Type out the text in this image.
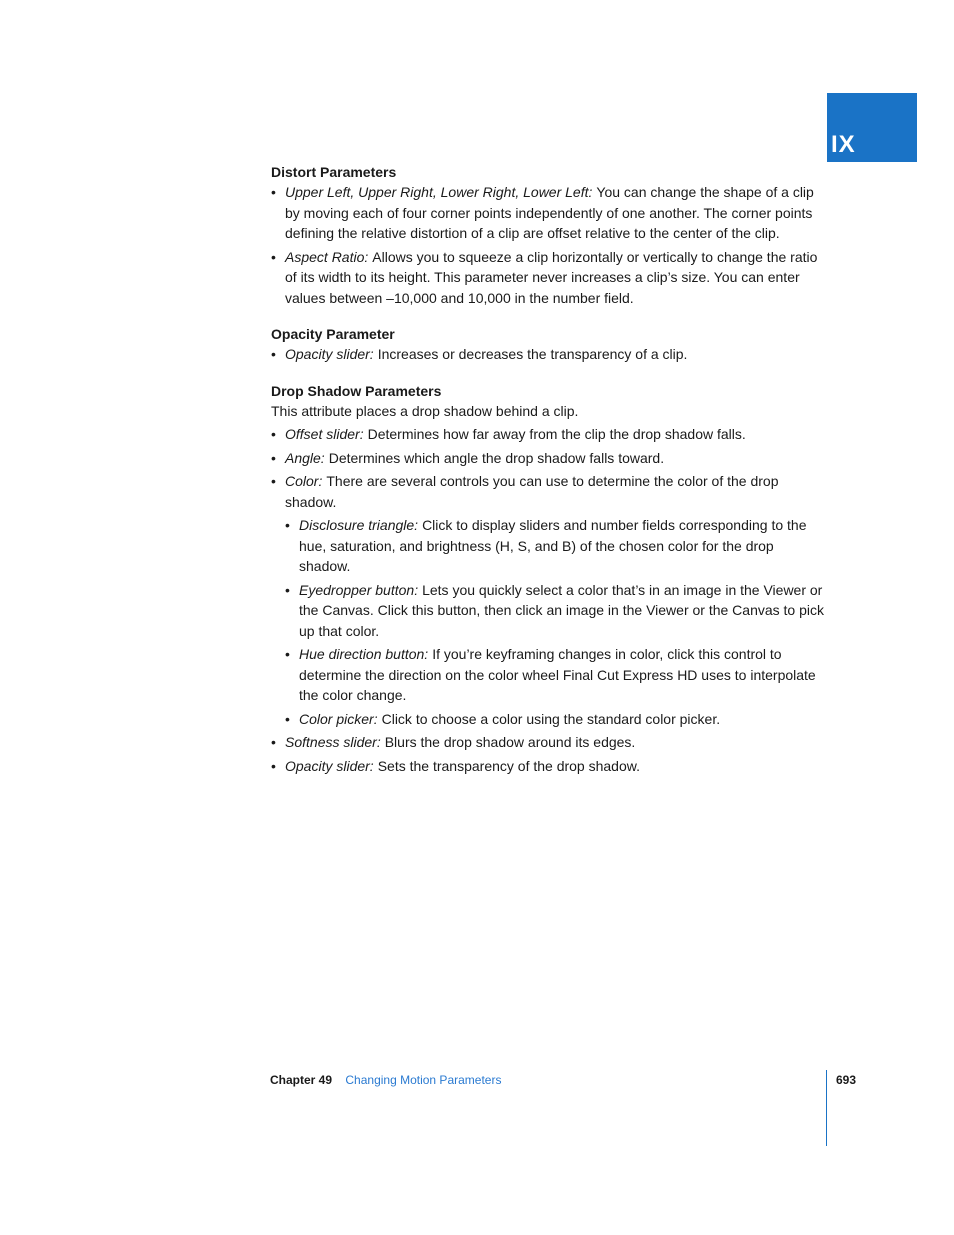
IX
Distort Parameters
• Upper Left, Upper Right, Lower Right, Lower Left: You can change the shape of a clip by moving each of four corner points independently of one another. The corner points defining the relative distortion of a clip are offset relative to the center of the clip.
• Aspect Ratio: Allows you to squeeze a clip horizontally or vertically to change the ratio of its width to its height. This parameter never increases a clip’s size. You can enter values between –10,000 and 10,000 in the number field.
Opacity Parameter
• Opacity slider: Increases or decreases the transparency of a clip.
Drop Shadow Parameters

This attribute places a drop shadow behind a clip.

• Offset slider: Determines how far away from the clip the drop shadow falls.
• Angle: Determines which angle the drop shadow falls toward.
• Color: There are several controls you can use to determine the color of the drop shadow.
• Disclosure triangle: Click to display sliders and number fields corresponding to the hue, saturation, and brightness (H, S, and B) of the chosen color for the drop shadow.
• Eyedropper button: Lets you quickly select a color that’s in an image in the Viewer or the Canvas. Click this button, then click an image in the Viewer or the Canvas to pick up that color.
• Hue direction button: If you’re keyframing changes in color, click this control to determine the direction on the color wheel Final Cut Express HD uses to interpolate the color change.
• Color picker: Click to choose a color using the standard color picker.
• Softness slider: Blurs the drop shadow around its edges.
• Opacity slider: Sets the transparency of the drop shadow.
Chapter 49 Changing Motion Parameters	693
